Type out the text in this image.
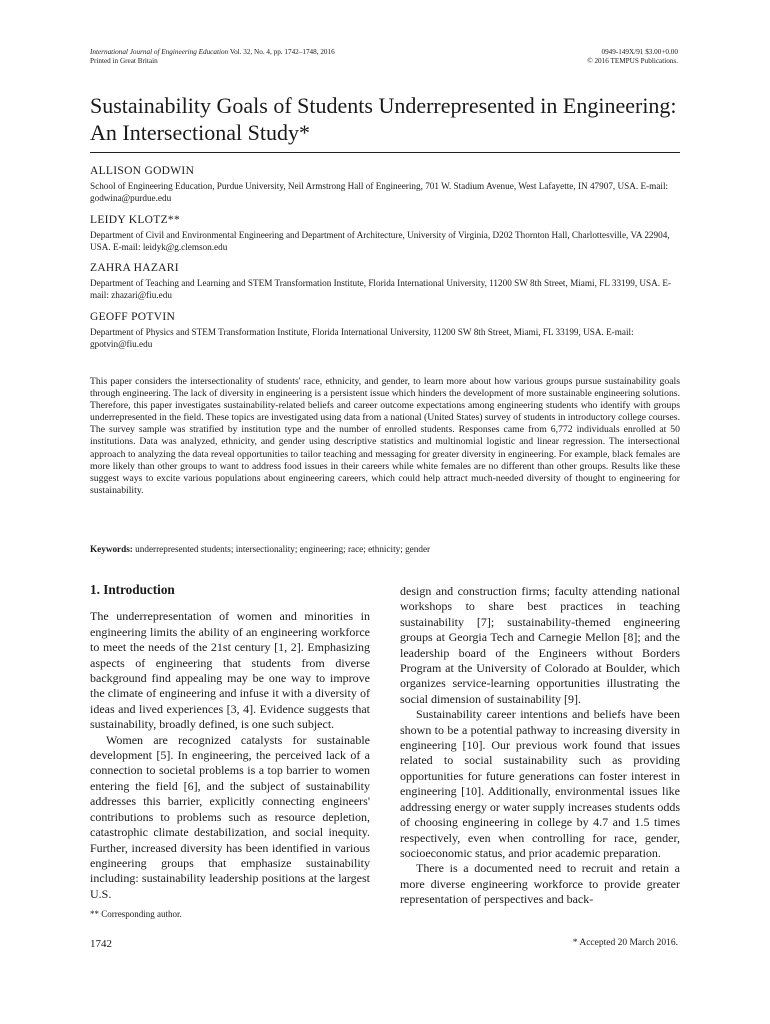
International Journal of Engineering Education Vol. 32, No. 4, pp. 1742–1748, 2016
Printed in Great Britain
0949-149X/91 $3.00+0.00
© 2016 TEMPUS Publications.
Sustainability Goals of Students Underrepresented in Engineering: An Intersectional Study*
ALLISON GODWIN
School of Engineering Education, Purdue University, Neil Armstrong Hall of Engineering, 701 W. Stadium Avenue, West Lafayette, IN 47907, USA. E-mail: godwina@purdue.edu
LEIDY KLOTZ**
Department of Civil and Environmental Engineering and Department of Architecture, University of Virginia, D202 Thornton Hall, Charlottesville, VA 22904, USA. E-mail: leidyk@g.clemson.edu
ZAHRA HAZARI
Department of Teaching and Learning and STEM Transformation Institute, Florida International University, 11200 SW 8th Street, Miami, FL 33199, USA. E-mail: zhazari@fiu.edu
GEOFF POTVIN
Department of Physics and STEM Transformation Institute, Florida International University, 11200 SW 8th Street, Miami, FL 33199, USA. E-mail: gpotvin@fiu.edu

This paper considers the intersectionality of students' race, ethnicity, and gender, to learn more about how various groups pursue sustainability goals through engineering. The lack of diversity in engineering is a persistent issue which hinders the development of more sustainable engineering solutions. Therefore, this paper investigates sustainability-related beliefs and career outcome expectations among engineering students who identify with groups underrepresented in the field. These topics are investigated using data from a national (United States) survey of students in introductory college courses. The survey sample was stratified by institution type and the number of enrolled students. Responses came from 6,772 individuals enrolled at 50 institutions. Data was analyzed, ethnicity, and gender using descriptive statistics and multinomial logistic and linear regression. The intersectional approach to analyzing the data reveal opportunities to tailor teaching and messaging for greater diversity in engineering. For example, black females are more likely than other groups to want to address food issues in their careers while white females are no different than other groups. Results like these suggest ways to excite various populations about engineering careers, which could help attract much-needed diversity of thought to engineering for sustainability.

Keywords: underrepresented students; intersectionality; engineering; race; ethnicity; gender
1. Introduction

The underrepresentation of women and minorities in engineering limits the ability of an engineering workforce to meet the needs of the 21st century [1, 2]. Emphasizing aspects of engineering that students from diverse background find appealing may be one way to improve the climate of engineering and infuse it with a diversity of ideas and lived experiences [3, 4]. Evidence suggests that sustainability, broadly defined, is one such subject.

Women are recognized catalysts for sustainable development [5]. In engineering, the perceived lack of a connection to societal problems is a top barrier to women entering the field [6], and the subject of sustainability addresses this barrier, explicitly connecting engineers' contributions to problems such as resource depletion, catastrophic climate destabilization, and social inequity. Further, increased diversity has been identified in various engineering groups that emphasize sustainability including: sustainability leadership positions at the largest U.S.

design and construction firms; faculty attending national workshops to share best practices in teaching sustainability [7]; sustainability-themed engineering groups at Georgia Tech and Carnegie Mellon [8]; and the leadership board of the Engineers without Borders Program at the University of Colorado at Boulder, which organizes service-learning opportunities illustrating the social dimension of sustainability [9].

Sustainability career intentions and beliefs have been shown to be a potential pathway to increasing diversity in engineering [10]. Our previous work found that issues related to social sustainability such as providing opportunities for future generations can foster interest in engineering [10]. Additionally, environmental issues like addressing energy or water supply increases students odds of choosing engineering in college by 4.7 and 1.5 times respectively, even when controlling for race, gender, socioeconomic status, and prior academic preparation.

There is a documented need to recruit and retain a more diverse engineering workforce to provide greater representation of perspectives and back-

** Corresponding author.
1742	* Accepted 20 March 2016.
